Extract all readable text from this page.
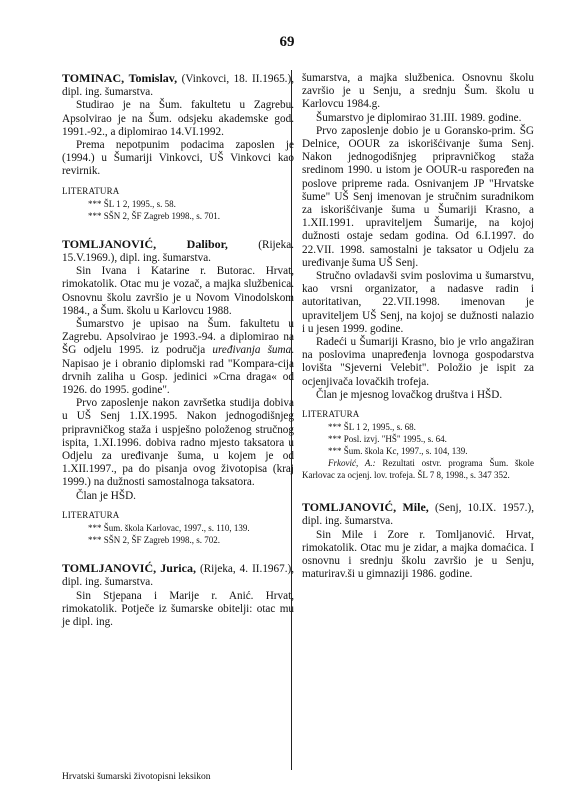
69

TOMINAC, Tomislav, (Vinkovci, 18. II.1965.), dipl. ing. šumarstva.

Studirao je na Šum. fakultetu u Zagrebu. Apsolvirao je na Šum. odsjeku akademske god. 1991.-92., a diplomirao 14.VI.1992.

Prema nepotpunim podacima zaposlen je (1994.) u Šumariji Vinkovci, UŠ Vinkovci kao revirnik.

LITERATURA
*** ŠL 1 2, 1995., s. 58.
*** SŠN 2, ŠF Zagreb 1998., s. 701.

TOMLJANOVIĆ, Dalibor, (Rijeka. 15.V.1969.), dipl. ing. šumarstva.

Sin Ivana i Katarine r. Butorac. Hrvat, rimokatolik. Otac mu je vozač, a majka službenica. Osnovnu školu završio je u Novom Vinodolskom 1984., a Šum. školu u Karlovcu 1988.

Šumarstvo je upisao na Šum. fakultetu u Zagrebu. Apsolvirao je 1993.-94. a diplomirao na ŠG odjelu 1995. iz područja uređivanja šuma. Napisao je i obranio diplomski rad "Kompara-cija drvnih zaliha u Gosp. jedinici »Crna draga« od 1926. do 1995. godine".

Prvo zaposlenje nakon završetka studija dobiva u UŠ Senj 1.IX.1995. Nakon jednogodišnjeg pripravničkog staža i uspješno položenog stručnog ispita, 1.XI.1996. dobiva radno mjesto taksatora u Odjelu za uređivanje šuma, u kojem je od 1.XII.1997., pa do pisanja ovog životopisa (kraj 1999.) na dužnosti samostalnoga taksatora.

Član je HŠD.

LITERATURA
*** Šum. škola Karlovac, 1997., s. 110, 139.
*** SŠN 2, ŠF Zagreb 1998., s. 702.

TOMLJANOVIĆ, Jurica, (Rijeka, 4. II.1967.), dipl. ing. šumarstva.

Sin Stjepana i Marije r. Anić. Hrvat, rimokatolik. Potječe iz šumarske obitelji: otac mu je dipl. ing.

šumarstva, a majka službenica. Osnovnu školu završio je u Senju, a srednju Šum. školu u Karlovcu 1984.g.

Šumarstvo je diplomirao 31.III. 1989. godine.

Prvo zaposlenje dobio je u Goransko-prim. ŠG Delnice, OOUR za iskorišćivanje šuma Senj. Nakon jednogodišnjeg pripravničkog staža sredinom 1990. u istom je OOUR-u raspoređen na poslove pripreme rada. Osnivanjem JP "Hrvatske šume" UŠ Senj imenovan je stručnim suradnikom za iskorišćivanje šuma u Šumariji Krasno, a 1.XII.1991. upraviteljem Šumarije, na kojoj dužnosti ostaje sedam godina. Od 6.I.1997. do 22.VII. 1998. samostalni je taksator u Odjelu za uređivanje šuma UŠ Senj.

Stručno ovladavši svim poslovima u šumarstvu, kao vrsni organizator, a nadasve radin i autoritativan, 22.VII.1998. imenovan je upraviteljem UŠ Senj, na kojoj se dužnosti nalazio i u jesen 1999. godine.

Radeći u Šumariji Krasno, bio je vrlo angažiran na poslovima unapređenja lovnoga gospodarstva lovišta "Sjeverni Velebit". Položio je ispit za ocjenjivača lovačkih trofeja.

Član je mjesnog lovačkog društva i HŠD.

LITERATURA
*** ŠL 1 2, 1995., s. 68.
*** Posl. izvj. "HŠ" 1995., s. 64.
*** Šum. škola Kc, 1997., s. 104, 139.
Frković, A.: Rezultati ostvr. programa Šum. škole Karlovac za ocjenj. lov. trofeja. ŠL 7 8, 1998., s. 347 352.

TOMLJANOVIĆ, Mile, (Senj, 10.IX. 1957.), dipl. ing. šumarstva.

Sin Mile i Zore r. Tomljanović. Hrvat, rimokatolik. Otac mu je zidar, a majka domaćica. I osnovnu i srednju školu završio je u Senju, maturirav.ši u gimnaziji 1986. godine.

Hrvatski šumarski životopisni leksikon
